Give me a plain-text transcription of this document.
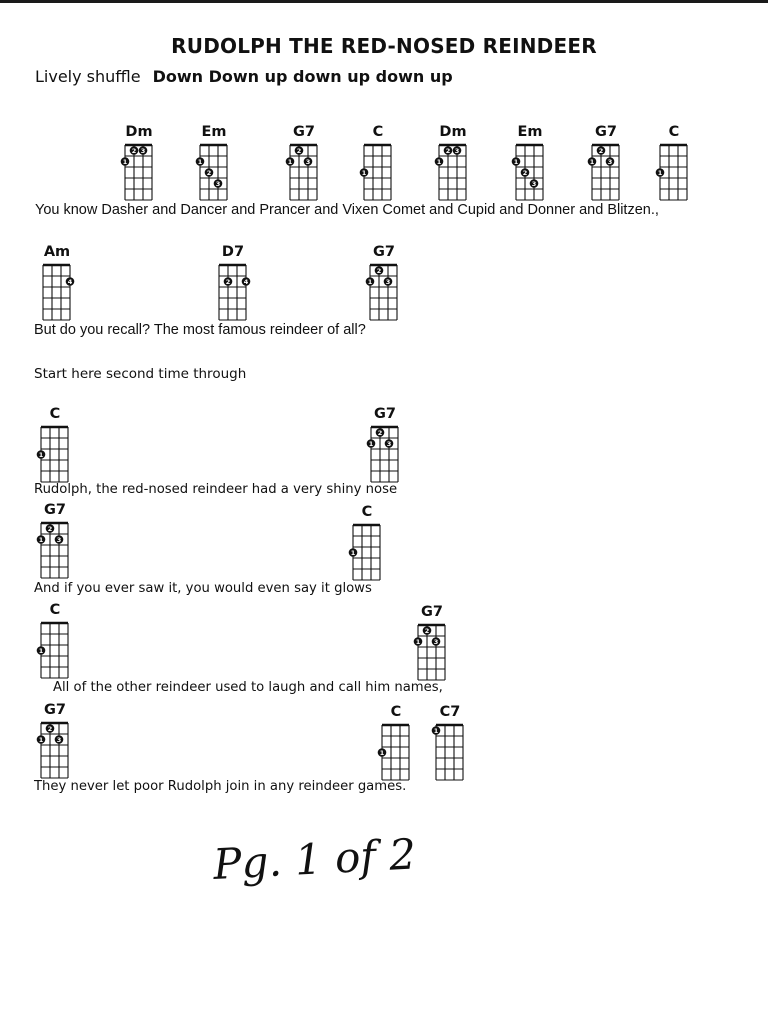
RUDOLPH THE RED-NOSED REINDEER
Lively shuffle Down Down up down up down up
Dm
1
2 3
Em
1
2
3
G7
1
2
3
C
1
Dm
1
2 3
Em
1
2
3
G7
1
2
3
C
1
You know Dasher and Dancer and Prancer and Vixen Comet and Cupid and Donner and Blitzen.,
Am
4
D7
2 4
G7
1
2
3
But do you recall? The most famous reindeer of all?
Start here second time through
C
1
G7
1
2
3
Rudolph, the red-nosed reindeer had a very shiny nose
G7
1
2
3
C
1
And if you ever saw it, you would even say it glows
C
1
G7
1
2
3
All of the other reindeer used to laugh and call him names,
G7
1
2
3
C
1
C7
1
They never let poor Rudolph join in any reindeer games.
Pg. 1 of 2
